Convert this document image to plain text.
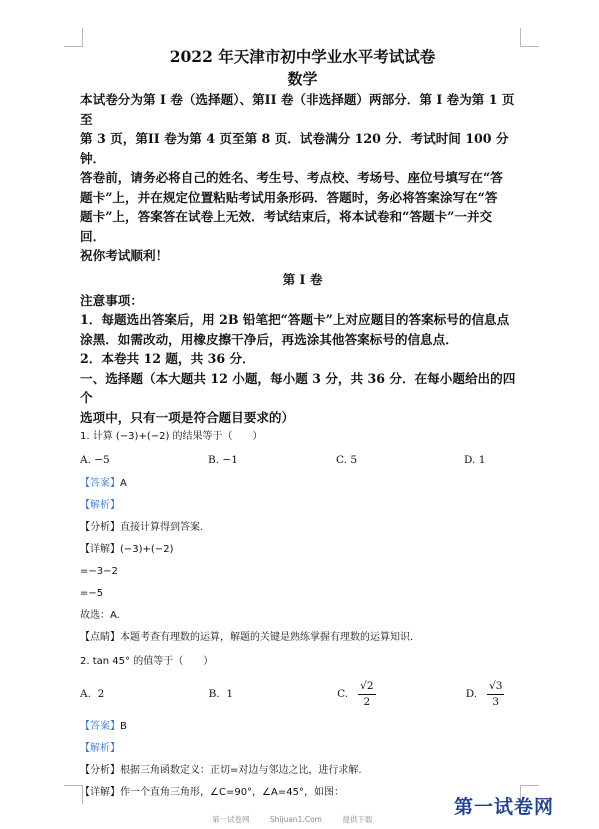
2022 年天津市初中学业水平考试试卷
数学

本试卷分为第 I 卷（选择题）、第II 卷（非选择题）两部分．第 I 卷为第 1 页至

第 3 页，第II 卷为第 4 页至第 8 页．试卷满分 120 分．考试时间 100 分钟．

答卷前，请务必将自己的姓名、考生号、考点校、考场号、座位号填写在“答

题卡”上，并在规定位置粘贴考试用条形码．答题时，务必将答案涂写在“答

题卡”上，答案答在试卷上无效．考试结束后，将本试卷和“答题卡”一并交

回．

祝你考试顺利！

第 I 卷

注意事项：

1．每题选出答案后，用 2B 铅笔把“答题卡”上对应题目的答案标号的信息点

涂黑．如需改动，用橡皮擦干净后，再选涂其他答案标号的信息点．

2．本卷共 12 题，共 36 分．

一、选择题（本大题共 12 小题，每小题 3 分，共 36 分．在每小题给出的四个

选项中，只有一项是符合题目要求的）

1. 计算 (−3)+(−2) 的结果等于（　　）

A. −5	B. −1	C. 5	D. 1
【答案】A
【解析】
【分析】直接计算得到答案.
【详解】(−3)+(−2)
=−3−2
=−5
故选：A.
【点睛】本题考查有理数的运算，解题的关键是熟练掌握有理数的运算知识.

2. tan 45° 的值等于（　　）

A.
2	B.
1	C. $\frac{√2}{2}$	D. $\frac{√3}{3}$
【答案】B
【解析】
【分析】根据三角函数定义：正切=对边与邻边之比，进行求解.
【详解】作一个直角三角形，∠C=90°，∠A=45°，如图：
第一试卷网	Shijuan1.Com	提供下载
第一试卷网
